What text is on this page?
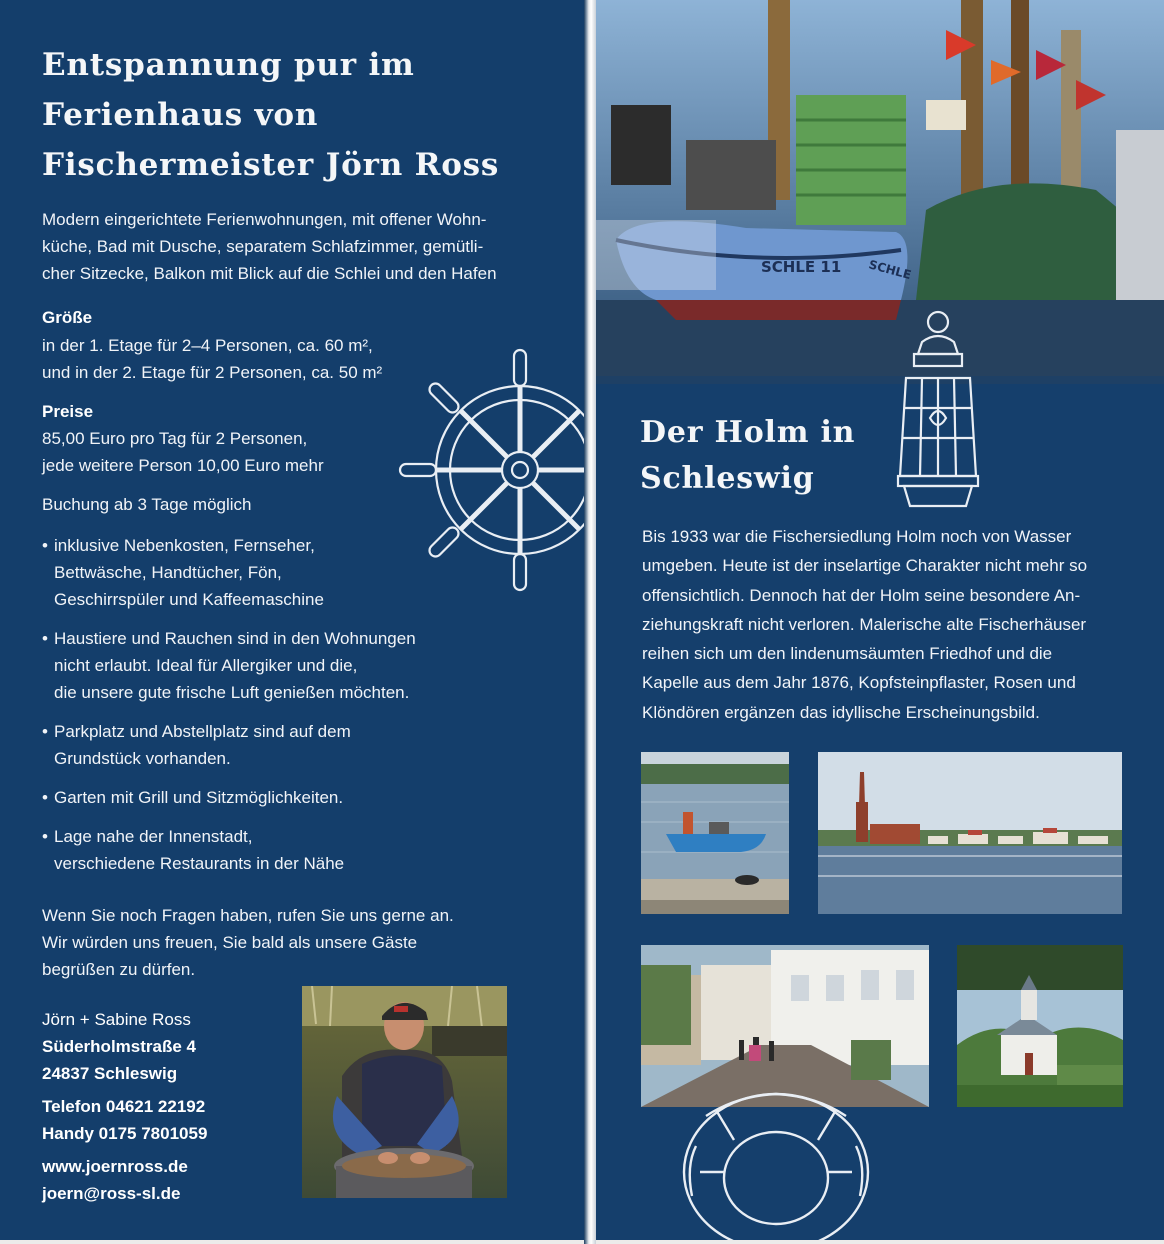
Entspannung pur im
Ferienhaus von
Fischermeister Jörn Ross

Modern eingerichtete Ferienwohnungen, mit offener Wohn-
küche, Bad mit Dusche, separatem Schlafzimmer, gemütli-
cher Sitzecke, Balkon mit Blick auf die Schlei und den Hafen

Größe

in der 1. Etage für 2–4 Personen, ca. 60 m²,
und in der 2. Etage für 2 Personen, ca. 50 m²

Preise

85,00 Euro pro Tag für 2 Personen,
jede weitere Person 10,00 Euro mehr

Buchung ab 3 Tage möglich

• inklusive Nebenkosten, Fernseher,
Bettwäsche, Handtücher, Fön,
Geschirrspüler und Kaffeemaschine
• Haustiere und Rauchen sind in den Wohnungen
nicht erlaubt. Ideal für Allergiker und die,
die unsere gute frische Luft genießen möchten.
• Parkplatz und Abstellplatz sind auf dem
Grundstück vorhanden.
• Garten mit Grill und Sitzmöglichkeiten.
• Lage nahe der Innenstadt,
verschiedene Restaurants in der Nähe

Wenn Sie noch Fragen haben, rufen Sie uns gerne an.
Wir würden uns freuen, Sie bald als unsere Gäste
begrüßen zu dürfen.

Jörn + Sabine Ross
Süderholmstraße 4
24837 Schleswig
Telefon 04621 22192
Handy 0175 7801059
www.joernross.de
joern@ross-sl.de
SCHLE 11 SCHLE
Der Holm in
Schleswig

Bis 1933 war die Fischersiedlung Holm noch von Wasser
umgeben. Heute ist der inselartige Charakter nicht mehr so
offensichtlich. Dennoch hat der Holm seine besondere An-
ziehungskraft nicht verloren. Malerische alte Fischerhäuser
reihen sich um den lindenumsäumten Friedhof und die
Kapelle aus dem Jahr 1876, Kopfsteinpflaster, Rosen und
Klöndören ergänzen das idyllische Erscheinungsbild.
